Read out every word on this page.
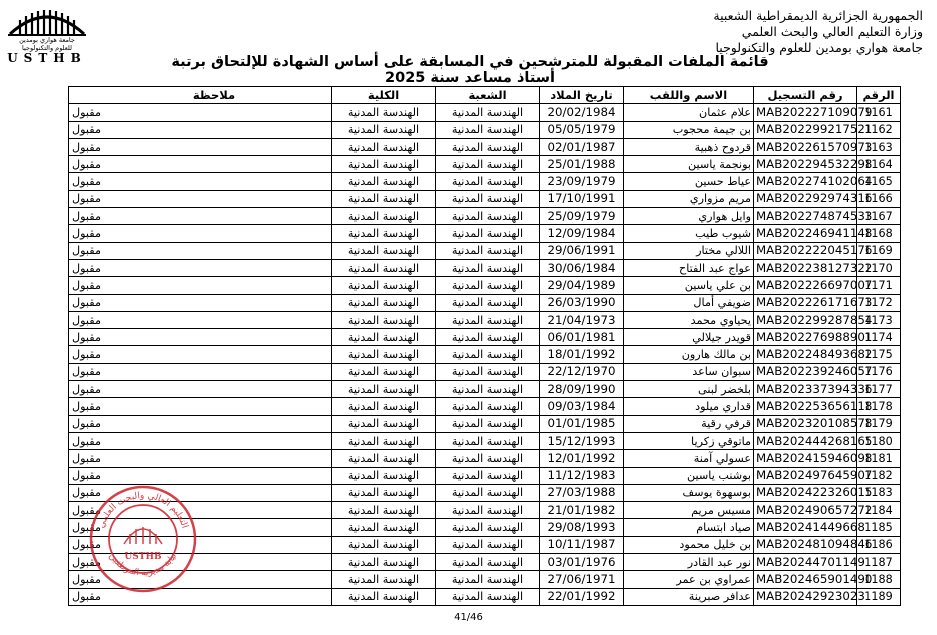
جامعة هواري بومدين
للعلوم والتكنولوجيا
USTHB
الجمهورية الجزائرية الديمقراطية الشعبية
وزارة التعليم العالي والبحث العلمي
جامعة هواري بومدين للعلوم والتكنولوجيا
قائمة الملفات المقبولة للمترشحين في المسابقة على أساس الشهادة للإلتحاق برتبة أستاذ مساعد سنة 2025
الرقم	رقم التسجيل	الاسم واللقب	تاريخ الملاد	الشعبة	الكلية	ملاحظة
1161	MAB202227109079	علام عثمان	20/02/1984	الهندسة المدنية	الهندسة المدنية	مقبول
1162	MAB202299217521	بن جيمة محجوب	05/05/1979	الهندسة المدنية	الهندسة المدنية	مقبول
1163	MAB202261570973	قردوح ذهبية	02/01/1987	الهندسة المدنية	الهندسة المدنية	مقبول
1164	MAB202294532298	بونجمة ياسين	25/01/1988	الهندسة المدنية	الهندسة المدنية	مقبول
1165	MAB202274102064	عياط حسين	23/09/1979	الهندسة المدنية	الهندسة المدنية	مقبول
1166	MAB202292974316	مريم مزواري	17/10/1991	الهندسة المدنية	الهندسة المدنية	مقبول
1167	MAB202274874533	وايل هواري	25/09/1979	الهندسة المدنية	الهندسة المدنية	مقبول
1168	MAB202246941148	شيوب طيب	12/09/1984	الهندسة المدنية	الهندسة المدنية	مقبول
1169	MAB202222045176	اللالي مختار	29/06/1991	الهندسة المدنية	الهندسة المدنية	مقبول
1170	MAB202238127322	عواج عبد الفتاح	30/06/1984	الهندسة المدنية	الهندسة المدنية	مقبول
1171	MAB202226697007	بن علي ياسين	29/04/1989	الهندسة المدنية	الهندسة المدنية	مقبول
1172	MAB202226171673	ضويفي أمال	26/03/1990	الهندسة المدنية	الهندسة المدنية	مقبول
1173	MAB202299287854	يحياوي محمد	21/04/1973	الهندسة المدنية	الهندسة المدنية	مقبول
1174	MAB202276988901	قويدر جيلالي	06/01/1981	الهندسة المدنية	الهندسة المدنية	مقبول
1175	MAB202248493682	بن مالك هارون	18/01/1992	الهندسة المدنية	الهندسة المدنية	مقبول
1176	MAB202239246057	سبوان ساعد	22/12/1970	الهندسة المدنية	الهندسة المدنية	مقبول
1177	MAB202337394336	بلخضر لبنى	28/09/1990	الهندسة المدنية	الهندسة المدنية	مقبول
1178	MAB202253656118	قداري ميلود	09/03/1984	الهندسة المدنية	الهندسة المدنية	مقبول
1179	MAB202320108578	قرفي رقية	01/01/1985	الهندسة المدنية	الهندسة المدنية	مقبول
1180	MAB202444268165	ماتوقي زكريا	15/12/1993	الهندسة المدنية	الهندسة المدنية	مقبول
1181	MAB202415946098	عسولي آمنة	12/01/1992	الهندسة المدنية	الهندسة المدنية	مقبول
1182	MAB202497645907	بوشنب ياسين	11/12/1983	الهندسة المدنية	الهندسة المدنية	مقبول
1183	MAB202422326015	بوسهوة يوسف	27/03/1988	الهندسة المدنية	الهندسة المدنية	مقبول
1184	MAB202490657272	مسيس مريم	21/01/1982	الهندسة المدنية	الهندسة المدنية	مقبول
1185	MAB20241449668	صياد ابتسام	29/08/1993	الهندسة المدنية	الهندسة المدنية	مقبول
1186	MAB202481094846	بن خليل محمود	10/11/1987	الهندسة المدنية	الهندسة المدنية	مقبول
1187	MAB20244701149	نور عبد القادر	03/01/1976	الهندسة المدنية	الهندسة المدنية	مقبول
1188	MAB202465901490	عمراوي بن عمر	27/06/1971	الهندسة المدنية	الهندسة المدنية	مقبول
1189	MAB20242923023	عدافر صبرينة	22/01/1992	الهندسة المدنية	الهندسة المدنية	مقبول
التعليم العالي والبحث العلمي
نيابة مديرية الموظفين
USTHB
41/46
